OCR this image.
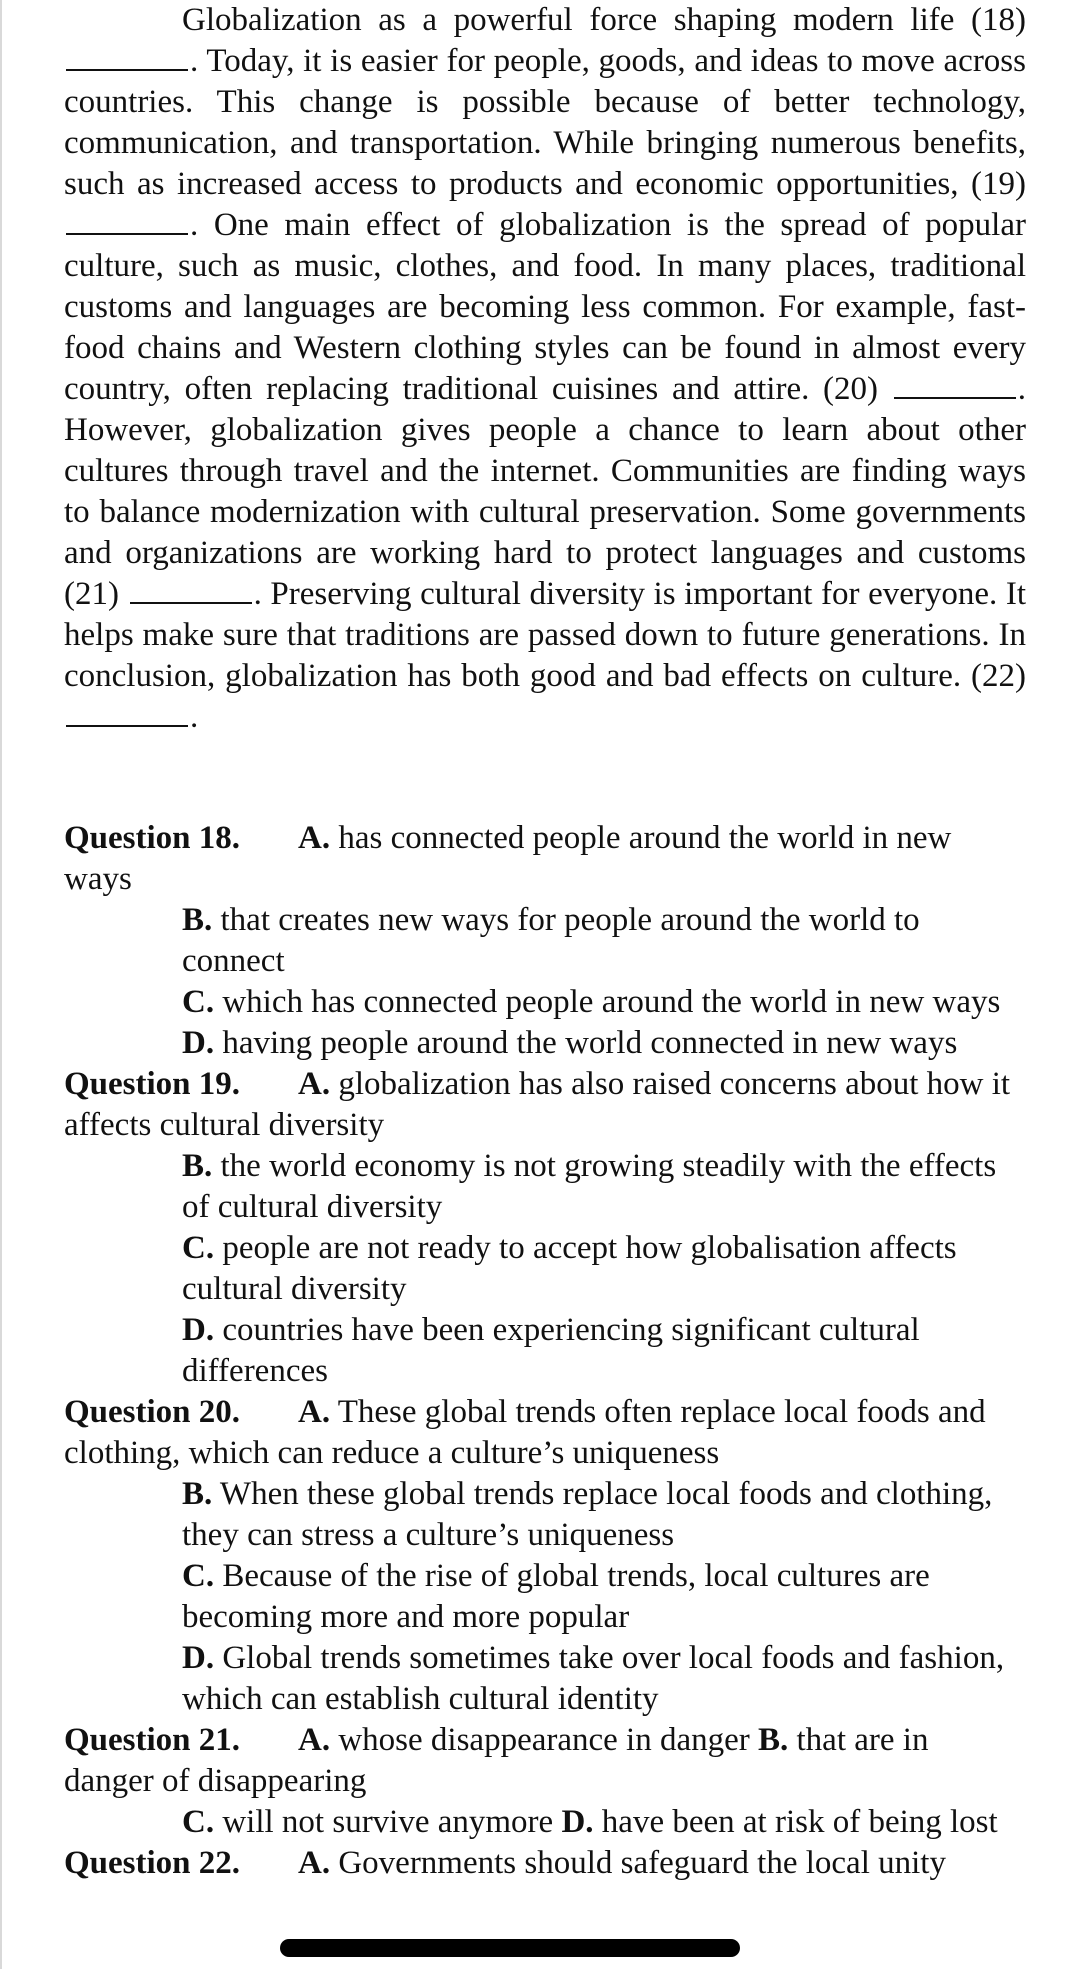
Globalization as a powerful force shaping modern life (18). Today, it is easier for people, goods, and ideas to move across countries. This change is possible because of better technology, communication, and transportation. While bringing numerous benefits, such as increased access to products and economic opportunities, (19) . One main effect of globalization is the spread of popular culture, such as music, clothes, and food. In many places, traditional customs and languages are becoming less common. For example, fast-food chains and Western clothing styles can be found in almost every country, often replacing traditional cuisines and attire. (20)	. However, globalization gives people a chance to learn about other cultures through travel and the internet. Communities are finding ways to balance modernization with cultural preservation. Some governments and organizations are working hard to protect languages and customs (21)	. Preserving cultural diversity is important for everyone. It helps make sure that traditions are passed down to future generations. In conclusion, globalization has both good and bad effects on culture. (22) .

Question 18. A. has connected people around the world in new ways
B. that creates new ways for people around the world to connect
C. which has connected people around the world in new ways
D. having people around the world connected in new ways
Question 19. A. globalization has also raised concerns about how it affects cultural diversity
B. the world economy is not growing steadily with the effects of cultural diversity
C. people are not ready to accept how globalisation affects cultural diversity
D. countries have been experiencing significant cultural differences
Question 20. A. These global trends often replace local foods and clothing, which can reduce a culture’s uniqueness
B. When these global trends replace local foods and clothing, they can stress a culture’s uniqueness
C. Because of the rise of global trends, local cultures are becoming more and more popular
D. Global trends sometimes take over local foods and fashion, which can establish cultural identity
Question 21. A. whose disappearance in danger B. that are in danger of disappearing
C. will not survive anymore D. have been at risk of being lost
Question 22. A. Governments should safeguard the local unity
